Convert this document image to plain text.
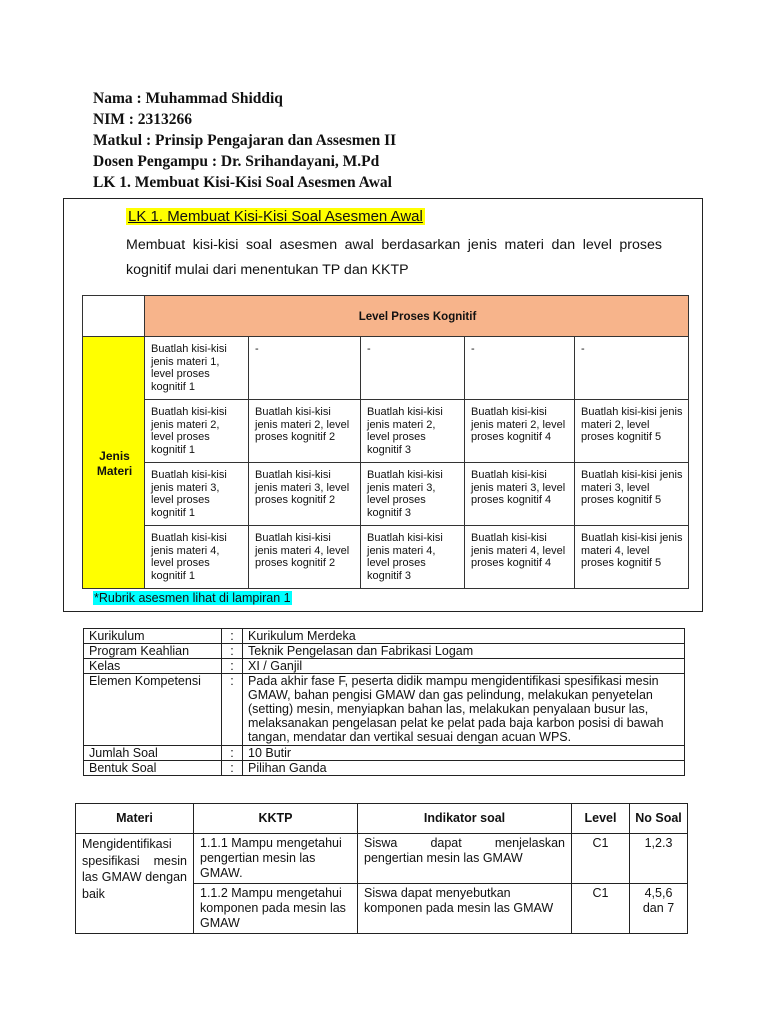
Nama : Muhammad Shiddiq
NIM : 2313266
Matkul : Prinsip Pengajaran dan Assesmen II
Dosen Pengampu : Dr. Srihandayani, M.Pd
LK 1. Membuat Kisi-Kisi Soal Asesmen Awal
LK 1. Membuat Kisi-Kisi Soal Asesmen Awal
Membuat kisi-kisi soal asesmen awal berdasarkan jenis materi dan level proses kognitif mulai dari menentukan TP dan KKTP
	Level Proses Kognitif				
Jenis Materi	Buatlah kisi-kisi jenis materi 1, level proses kognitif 1	-	-	-	-
	Buatlah kisi-kisi jenis materi 2, level proses kognitif 1	Buatlah kisi-kisi jenis materi 2, level proses kognitif 2	Buatlah kisi-kisi jenis materi 2, level proses kognitif 3	Buatlah kisi-kisi jenis materi 2, level proses kognitif 4	Buatlah kisi-kisi jenis materi 2, level proses kognitif 5
	Buatlah kisi-kisi jenis materi 3, level proses kognitif 1	Buatlah kisi-kisi jenis materi 3, level proses kognitif 2	Buatlah kisi-kisi jenis materi 3, level proses kognitif 3	Buatlah kisi-kisi jenis materi 3, level proses kognitif 4	Buatlah kisi-kisi jenis materi 3, level proses kognitif 5
	Buatlah kisi-kisi jenis materi 4, level proses kognitif 1	Buatlah kisi-kisi jenis materi 4, level proses kognitif 2	Buatlah kisi-kisi jenis materi 4, level proses kognitif 3	Buatlah kisi-kisi jenis materi 4, level proses kognitif 4	Buatlah kisi-kisi jenis materi 4, level proses kognitif 5
*Rubrik asesmen lihat di lampiran 1
Kurikulum	:	Kurikulum Merdeka
Program Keahlian	:	Teknik Pengelasan dan Fabrikasi Logam
Kelas	:	XI / Ganjil
Elemen Kompetensi	:	Pada akhir fase F, peserta didik mampu mengidentifikasi spesifikasi mesin GMAW, bahan pengisi GMAW dan gas pelindung, melakukan penyetelan (setting) mesin, menyiapkan bahan las, melakukan penyalaan busur las, melaksanakan pengelasan pelat ke pelat pada baja karbon posisi di bawah tangan, mendatar dan vertikal sesuai dengan acuan WPS.
Jumlah Soal	:	10 Butir
Bentuk Soal	:	Pilihan Ganda
Materi	KKTP	Indikator soal	Level	No Soal
Mengidentifikasi spesifikasi mesin las GMAW dengan baik	1.1.1 Mampu mengetahui pengertian mesin las GMAW.	Siswa dapat menjelaskan pengertian mesin las GMAW	C1	1,2.3
	1.1.2 Mampu mengetahui komponen pada mesin las GMAW	Siswa dapat menyebutkan komponen pada mesin las GMAW	C1	4,5,6 dan 7
